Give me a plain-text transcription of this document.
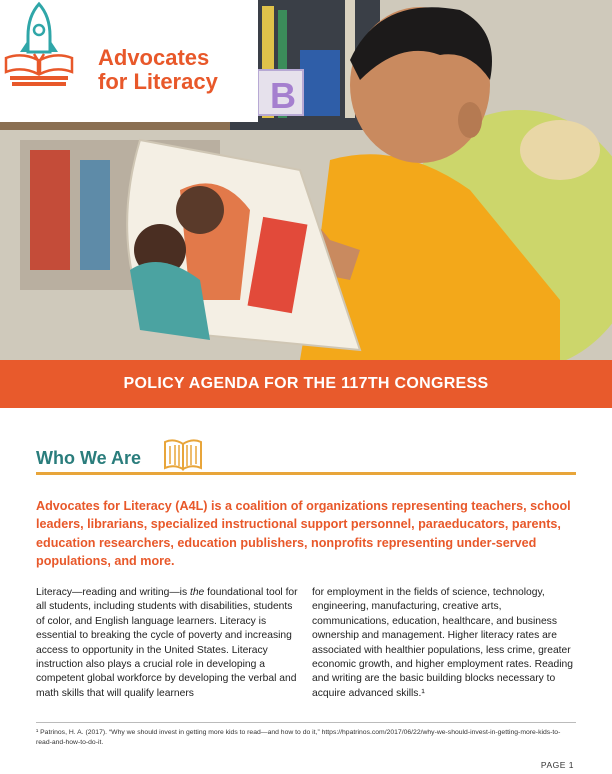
B
Advocates
for Literacy
POLICY AGENDA FOR THE 117TH CONGRESS
Who We Are
Advocates for Literacy (A4L) is a coalition of organizations representing teachers, school leaders, librarians, specialized instructional support personnel, paraeducators, parents, education researchers, education publishers, nonprofits representing under-served populations, and more.

Literacy—reading and writing—is the foundational tool for all students, including students with disabilities, students of color, and English language learners. Literacy is essential to breaking the cycle of poverty and increasing access to opportunity in the United States. Literacy instruction also plays a crucial role in developing a competent global workforce by developing the verbal and math skills that will qualify learners

for employment in the fields of science, technology, engineering, manufacturing, creative arts, communications, education, healthcare, and business ownership and management. Higher literacy rates are associated with healthier populations, less crime, greater economic growth, and higher employment rates. Reading and writing are the basic building blocks necessary to acquire advanced skills.¹

¹ Patrinos, H. A. (2017). “Why we should invest in getting more kids to read—and how to do it,” https://hpatrinos.com/2017/06/22/why-we-should-invest-in-getting-more-kids-to-read-and-how-to-do-it.
PAGE 1
